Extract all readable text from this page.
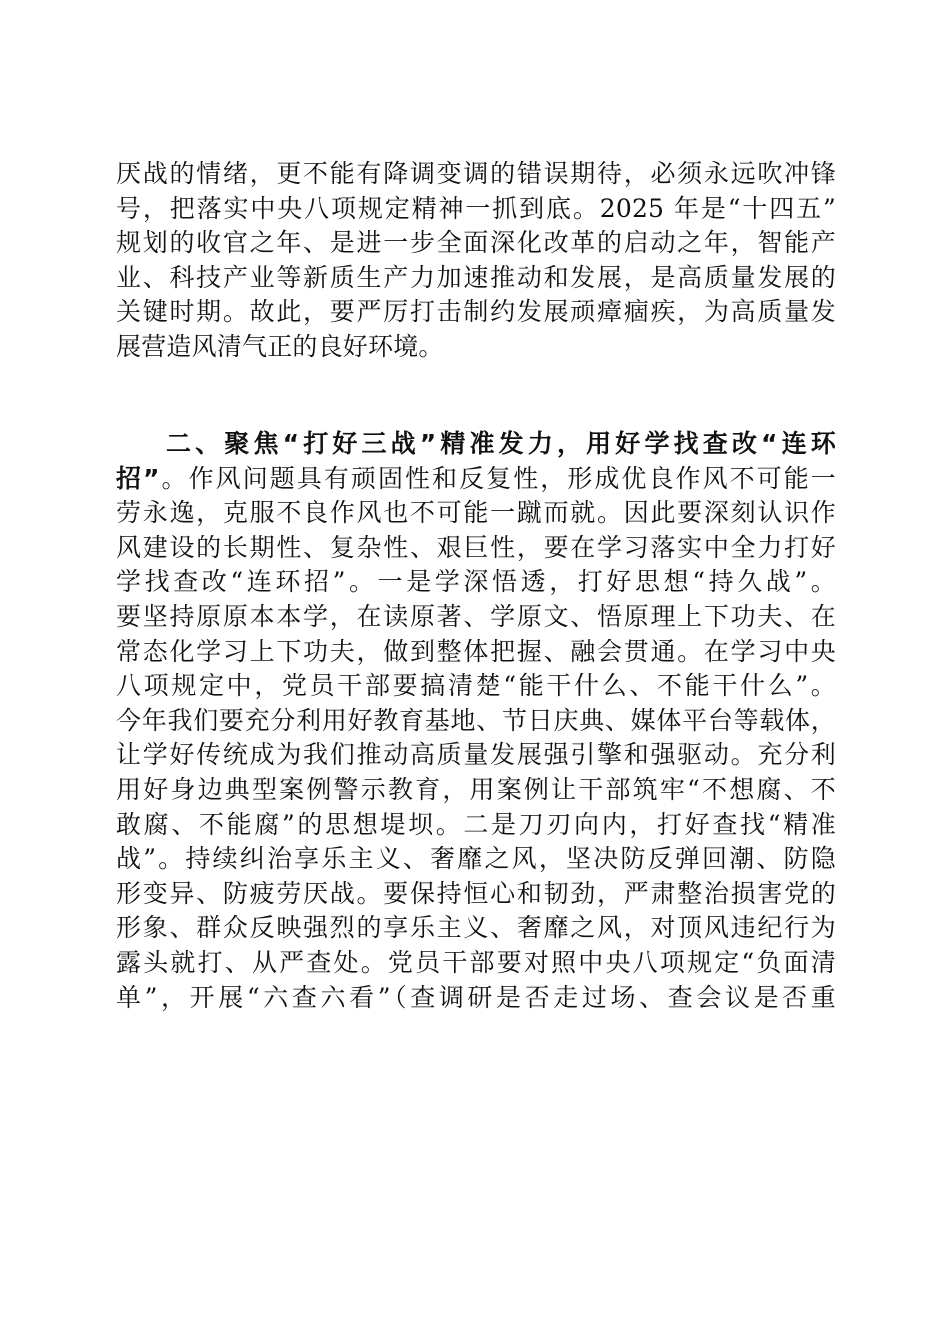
厌战的情绪，更不能有降调变调的错误期待，必须永远吹冲锋
号，把落实中央八项规定精神一抓到底。2025 年是“十四五”
规划的收官之年、是进一步全面深化改革的启动之年，智能产
业、科技产业等新质生产力加速推动和发展，是高质量发展的
关键时期。故此，要严厉打击制约发展顽瘴痼疾，为高质量发
展营造风清气正的良好环境。
二、聚焦“打好三战”精准发力，用好学找查改“连环
招”。作风问题具有顽固性和反复性，形成优良作风不可能一
劳永逸，克服不良作风也不可能一蹴而就。因此要深刻认识作
风建设的长期性、复杂性、艰巨性，要在学习落实中全力打好
学找查改“连环招”。一是学深悟透，打好思想“持久战”。
要坚持原原本本学，在读原著、学原文、悟原理上下功夫、在
常态化学习上下功夫，做到整体把握、融会贯通。在学习中央
八项规定中，党员干部要搞清楚“能干什么、不能干什么”。
今年我们要充分利用好教育基地、节日庆典、媒体平台等载体，
让学好传统成为我们推动高质量发展强引擎和强驱动。充分利
用好身边典型案例警示教育，用案例让干部筑牢“不想腐、不
敢腐、不能腐”的思想堤坝。二是刀刃向内，打好查找“精准
战”。持续纠治享乐主义、奢靡之风，坚决防反弹回潮、防隐
形变异、防疲劳厌战。要保持恒心和韧劲，严肃整治损害党的
形象、群众反映强烈的享乐主义、奢靡之风，对顶风违纪行为
露头就打、从严查处。党员干部要对照中央八项规定“负面清
单”，开展“六查六看”（查调研是否走过场、查会议是否重
